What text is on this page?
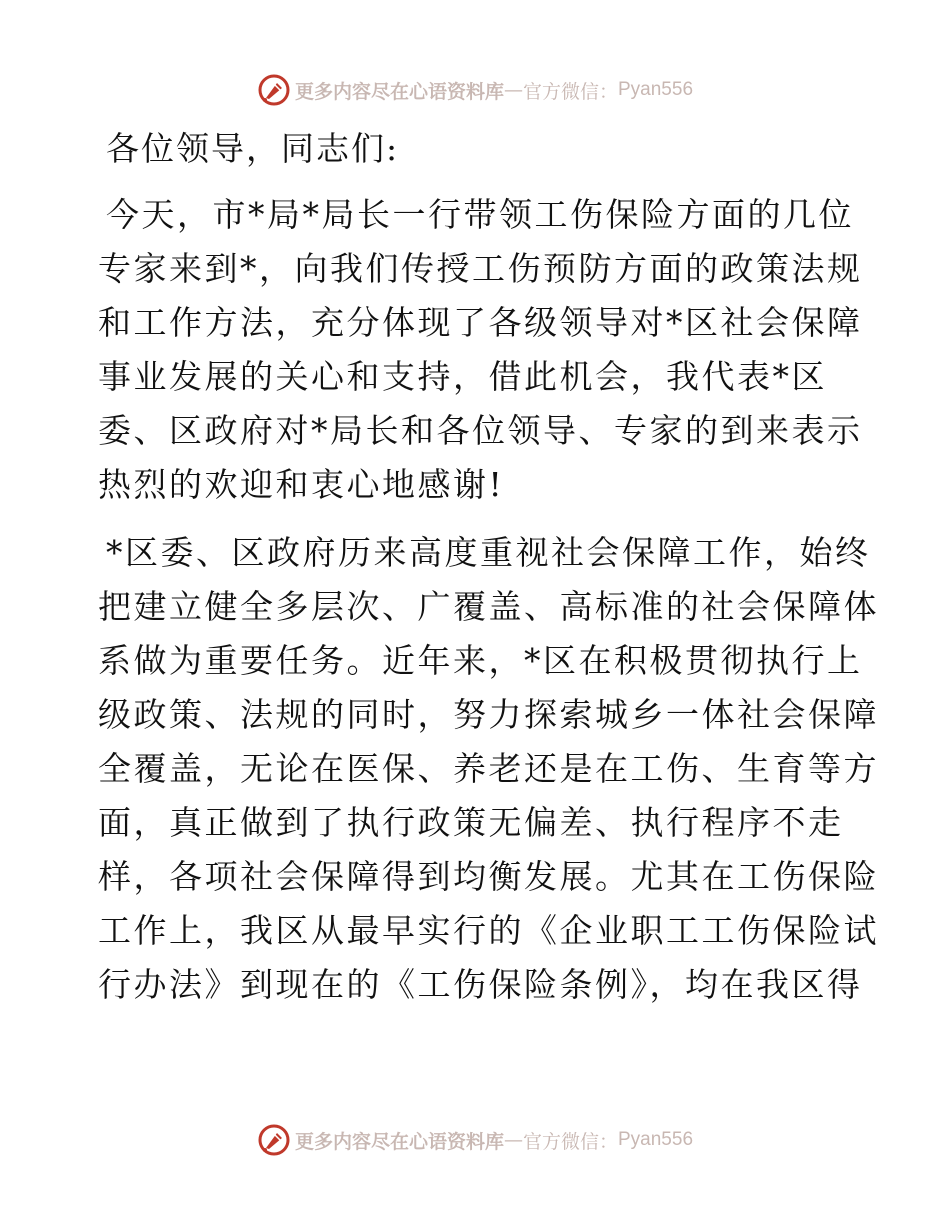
更多内容尽在心语资料库 — 官方微信： Pyan556
各位领导，同志们:
今天，市*局*局长一行带领工伤保险方面的几位
专家来到*，向我们传授工伤预防方面的政策法规
和工作方法，充分体现了各级领导对*区社会保障
事业发展的关心和支持，借此机会，我代表*区
委、区政府对*局长和各位领导、专家的到来表示
热烈的欢迎和衷心地感谢!
*区委、区政府历来高度重视社会保障工作，始终
把建立健全多层次、广覆盖、高标准的社会保障体
系做为重要任务。近年来，*区在积极贯彻执行上
级政策、法规的同时，努力探索城乡一体社会保障
全覆盖，无论在医保、养老还是在工伤、生育等方
面，真正做到了执行政策无偏差、执行程序不走
样，各项社会保障得到均衡发展。尤其在工伤保险
工作上，我区从最早实行的《企业职工工伤保险试
行办法》到现在的《工伤保险条例》，均在我区得
更多内容尽在心语资料库 — 官方微信： Pyan556
